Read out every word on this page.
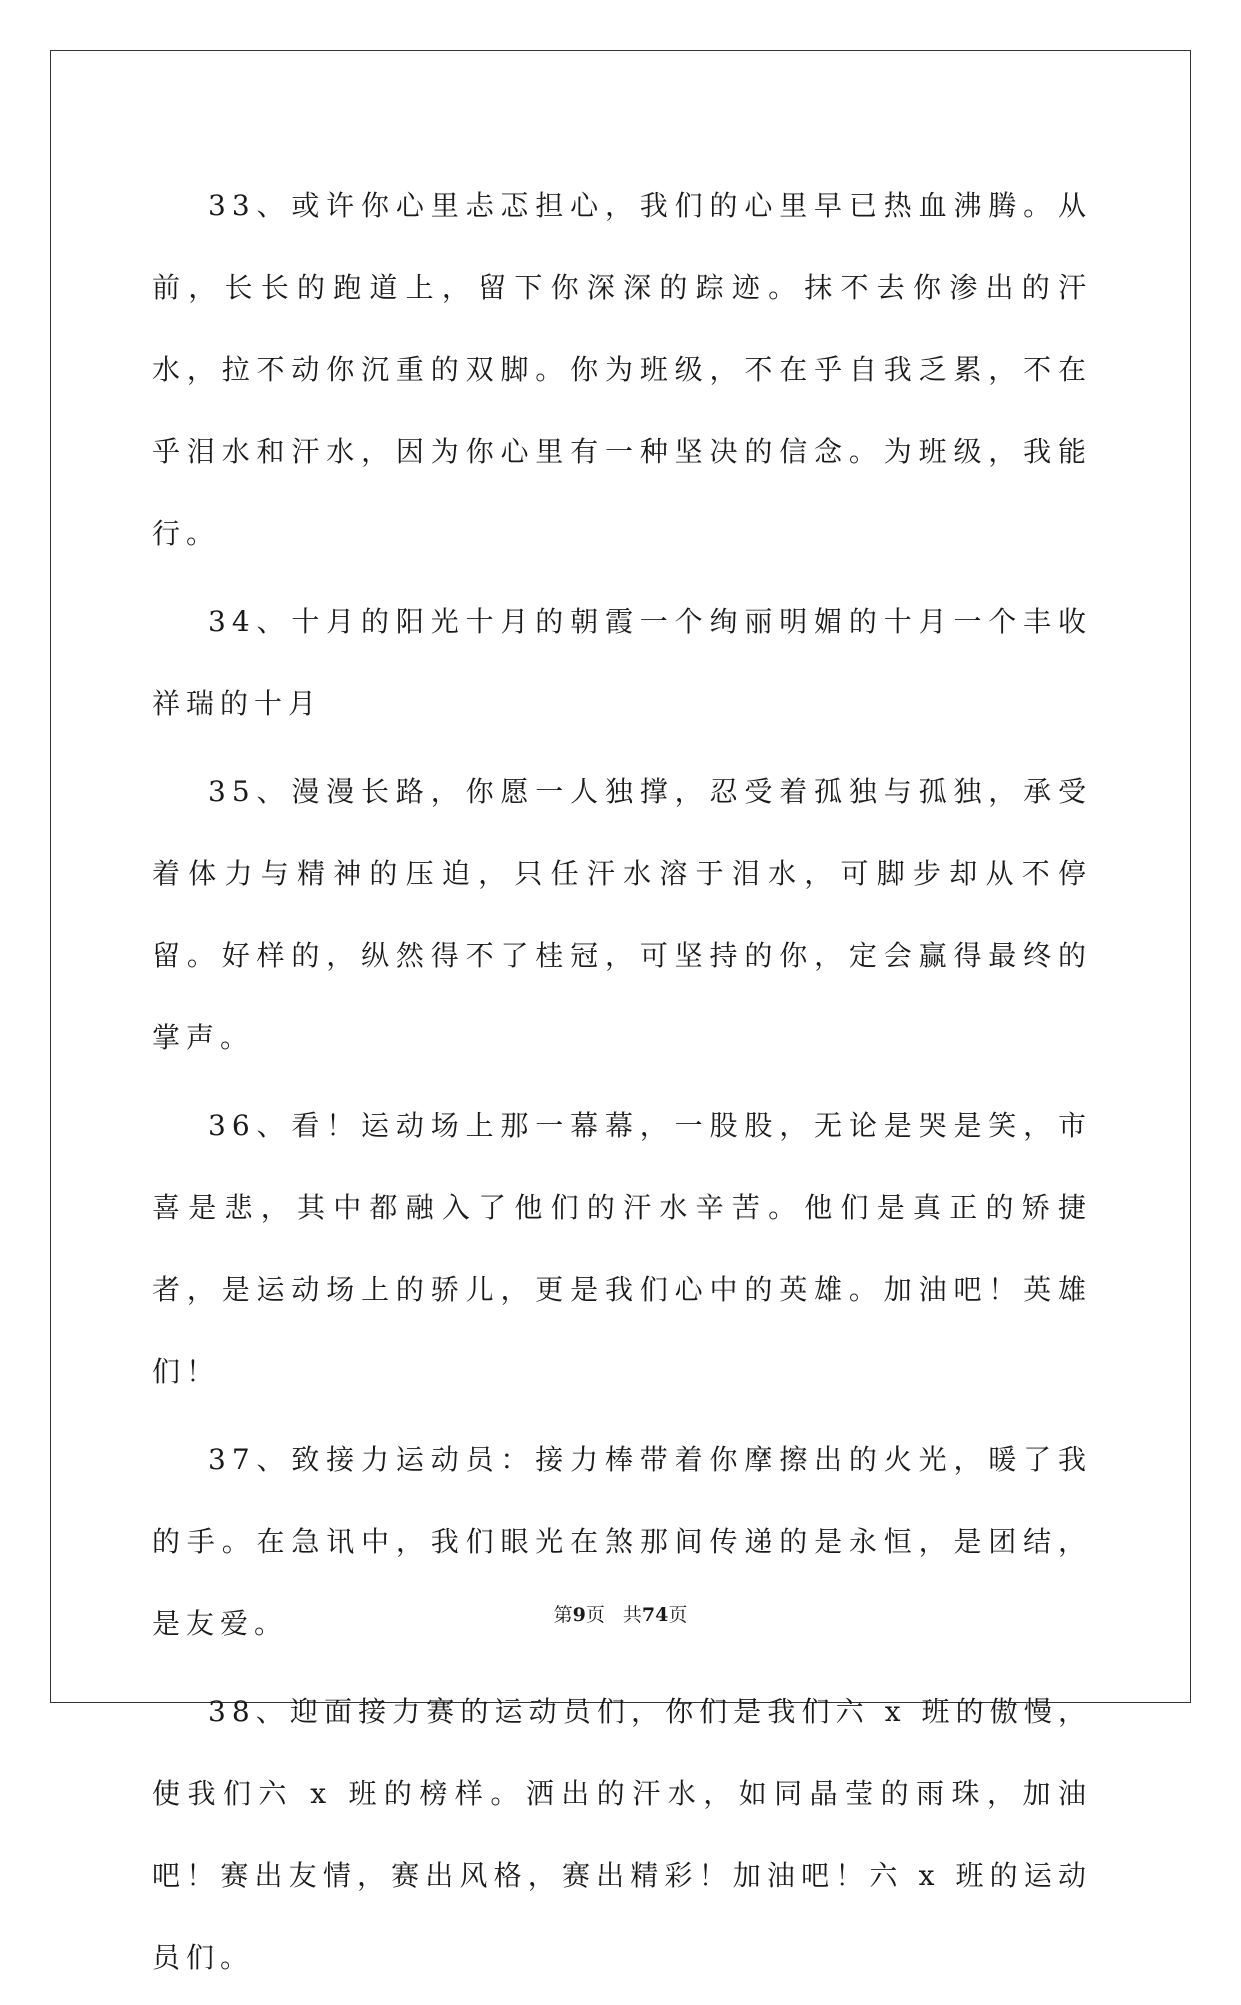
33、或许你心里忐忑担心，我们的心里早已热血沸腾。从前，长长的跑道上，留下你深深的踪迹。抹不去你渗出的汗水，拉不动你沉重的双脚。你为班级，不在乎自我乏累，不在乎泪水和汗水，因为你心里有一种坚决的信念。为班级，我能行。

34、十月的阳光十月的朝霞一个绚丽明媚的十月一个丰收祥瑞的十月

35、漫漫长路，你愿一人独撑，忍受着孤独与孤独，承受着体力与精神的压迫，只任汗水溶于泪水，可脚步却从不停留。好样的，纵然得不了桂冠，可坚持的你，定会赢得最终的掌声。

36、看！运动场上那一幕幕，一股股，无论是哭是笑，市喜是悲，其中都融入了他们的汗水辛苦。他们是真正的矫捷者，是运动场上的骄儿，更是我们心中的英雄。加油吧！英雄们！

37、致接力运动员：接力棒带着你摩擦出的火光，暖了我的手。在急讯中，我们眼光在煞那间传递的是永恒，是团结，是友爱。

38、迎面接力赛的运动员们，你们是我们六 x 班的傲慢，使我们六 x 班的榜样。洒出的汗水，如同晶莹的雨珠，加油吧！赛出友情，赛出风格，赛出精彩！加油吧！六 x 班的运动员们。

第9页 共74页
